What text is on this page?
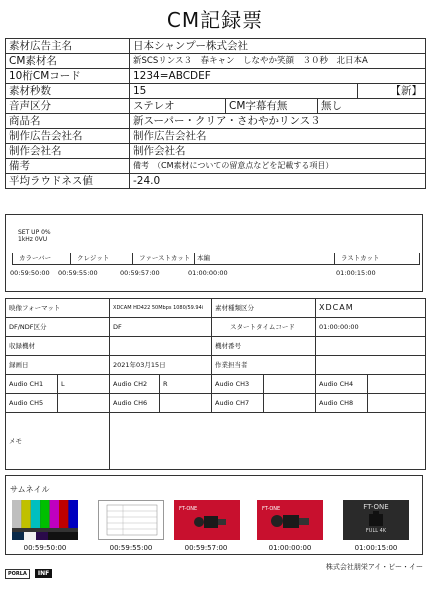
CM記録票
素材広告主名	日本シャンプー株式会社			
CM素材名	新SCSリンス３　春キャン　しなやか笑顔　３０秒　北日本A			
10桁CMコード	1234=ABCDEF			
素材秒数	15			【新】
音声区分	ステレオ	CM字幕有無	無し	
商品名	新スーパー・クリア・さわやかリンス３			
制作広告会社名	制作広告会社名			
制作会社名	制作会社名			
備考	備考　（CM素材についての留意点などを記載する項目）			
平均ラウドネス値	-24.0			
SET UP 0%
1kHz 0VU
カラーバー	クレジット	ファーストカット	本編	ラストカット
00:59:50:00 00:59:55:00	00:59:57:00	01:00:00:00	01:00:15:00
映像フォーマット		XDCAM HD422 50Mbps 1080/59.94i		素材種類区分		XDCAM	
DF/NDF区分		DF		スタートタイムコード		01:00:00:00	
収録機材				機材番号			
録画日		2021年03月15日		作業担当者			
Audio CH1	L	Audio CH2	R	Audio CH3		Audio CH4	
Audio CH5		Audio CH6		Audio CH7		Audio CH8	
メモ							
サムネイル
00:59:50:00	00:59:55:00
FT-ONE
00:59:57:00
FT-ONE
01:00:00:00
FT-ONE
FULL 4K
01:00:15:00
PORLA INF
株式会社朋栄アイ・ビー・イー
